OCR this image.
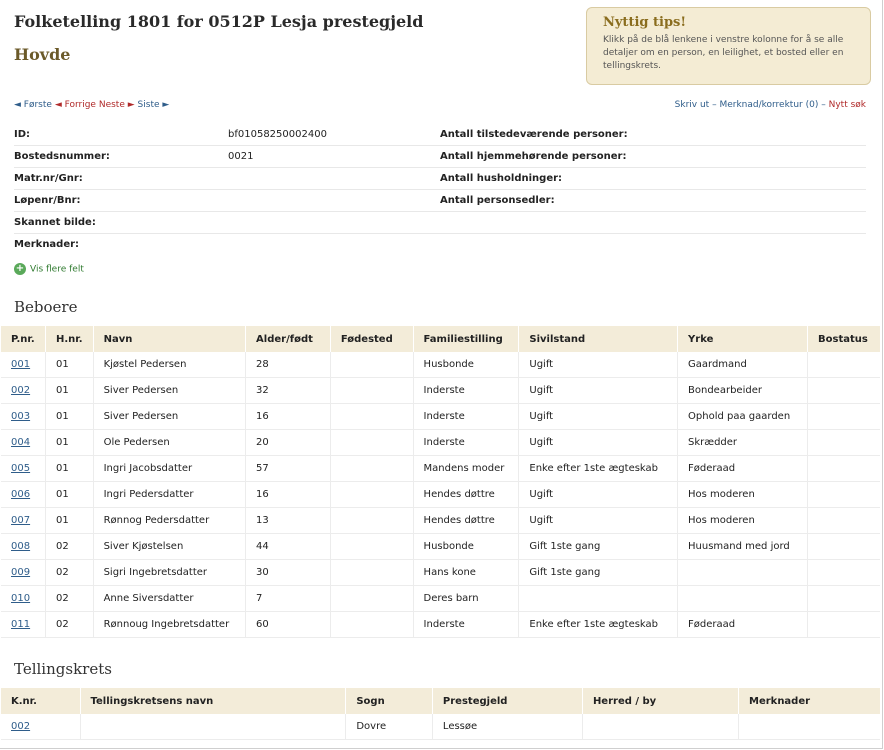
Folketelling 1801 for 0512P Lesja prestegjeld
Hovde
Nyttig tips!
Klikk på de blå lenkene i venstre kolonne for å se alle detaljer om en person, en leilighet, et bosted eller en tellingskrets.
◄ Første ◄ Forrige Neste ► Siste ►	Skriv ut – Merknad/korrektur (0) – Nytt søk
ID:	bf01058250002400	Antall tilstedeværende personer:
Bostedsnummer:	0021	Antall hjemmehørende personer:
Matr.nr/Gnr:	Antall husholdninger:
Løpenr/Bnr:	Antall personsedler:
Skannet bilde:
Merknader:
+ Vis flere felt
Beboere
P.nr.	H.nr.	Navn	Alder/født	Fødested	Familiestilling	Sivilstand	Yrke	Bostatus
001	01	Kjøstel Pedersen	28		Husbonde	Ugift	Gaardmand	
002	01	Siver Pedersen	32		Inderste	Ugift	Bondearbeider	
003	01	Siver Pedersen	16		Inderste	Ugift	Ophold paa gaarden	
004	01	Ole Pedersen	20		Inderste	Ugift	Skrædder	
005	01	Ingri Jacobsdatter	57		Mandens moder	Enke efter 1ste ægteskab	Føderaad	
006	01	Ingri Pedersdatter	16		Hendes døttre	Ugift	Hos moderen	
007	01	Rønnog Pedersdatter	13		Hendes døttre	Ugift	Hos moderen	
008	02	Siver Kjøstelsen	44		Husbonde	Gift 1ste gang	Huusmand med jord	
009	02	Sigri Ingebretsdatter	30		Hans kone	Gift 1ste gang		
010	02	Anne Siversdatter	7		Deres barn			
011	02	Rønnoug Ingebretsdatter	60		Inderste	Enke efter 1ste ægteskab	Føderaad	
Tellingskrets
K.nr.	Tellingskretsens navn	Sogn	Prestegjeld	Herred / by	Merknader
002		Dovre	Lessøe		
